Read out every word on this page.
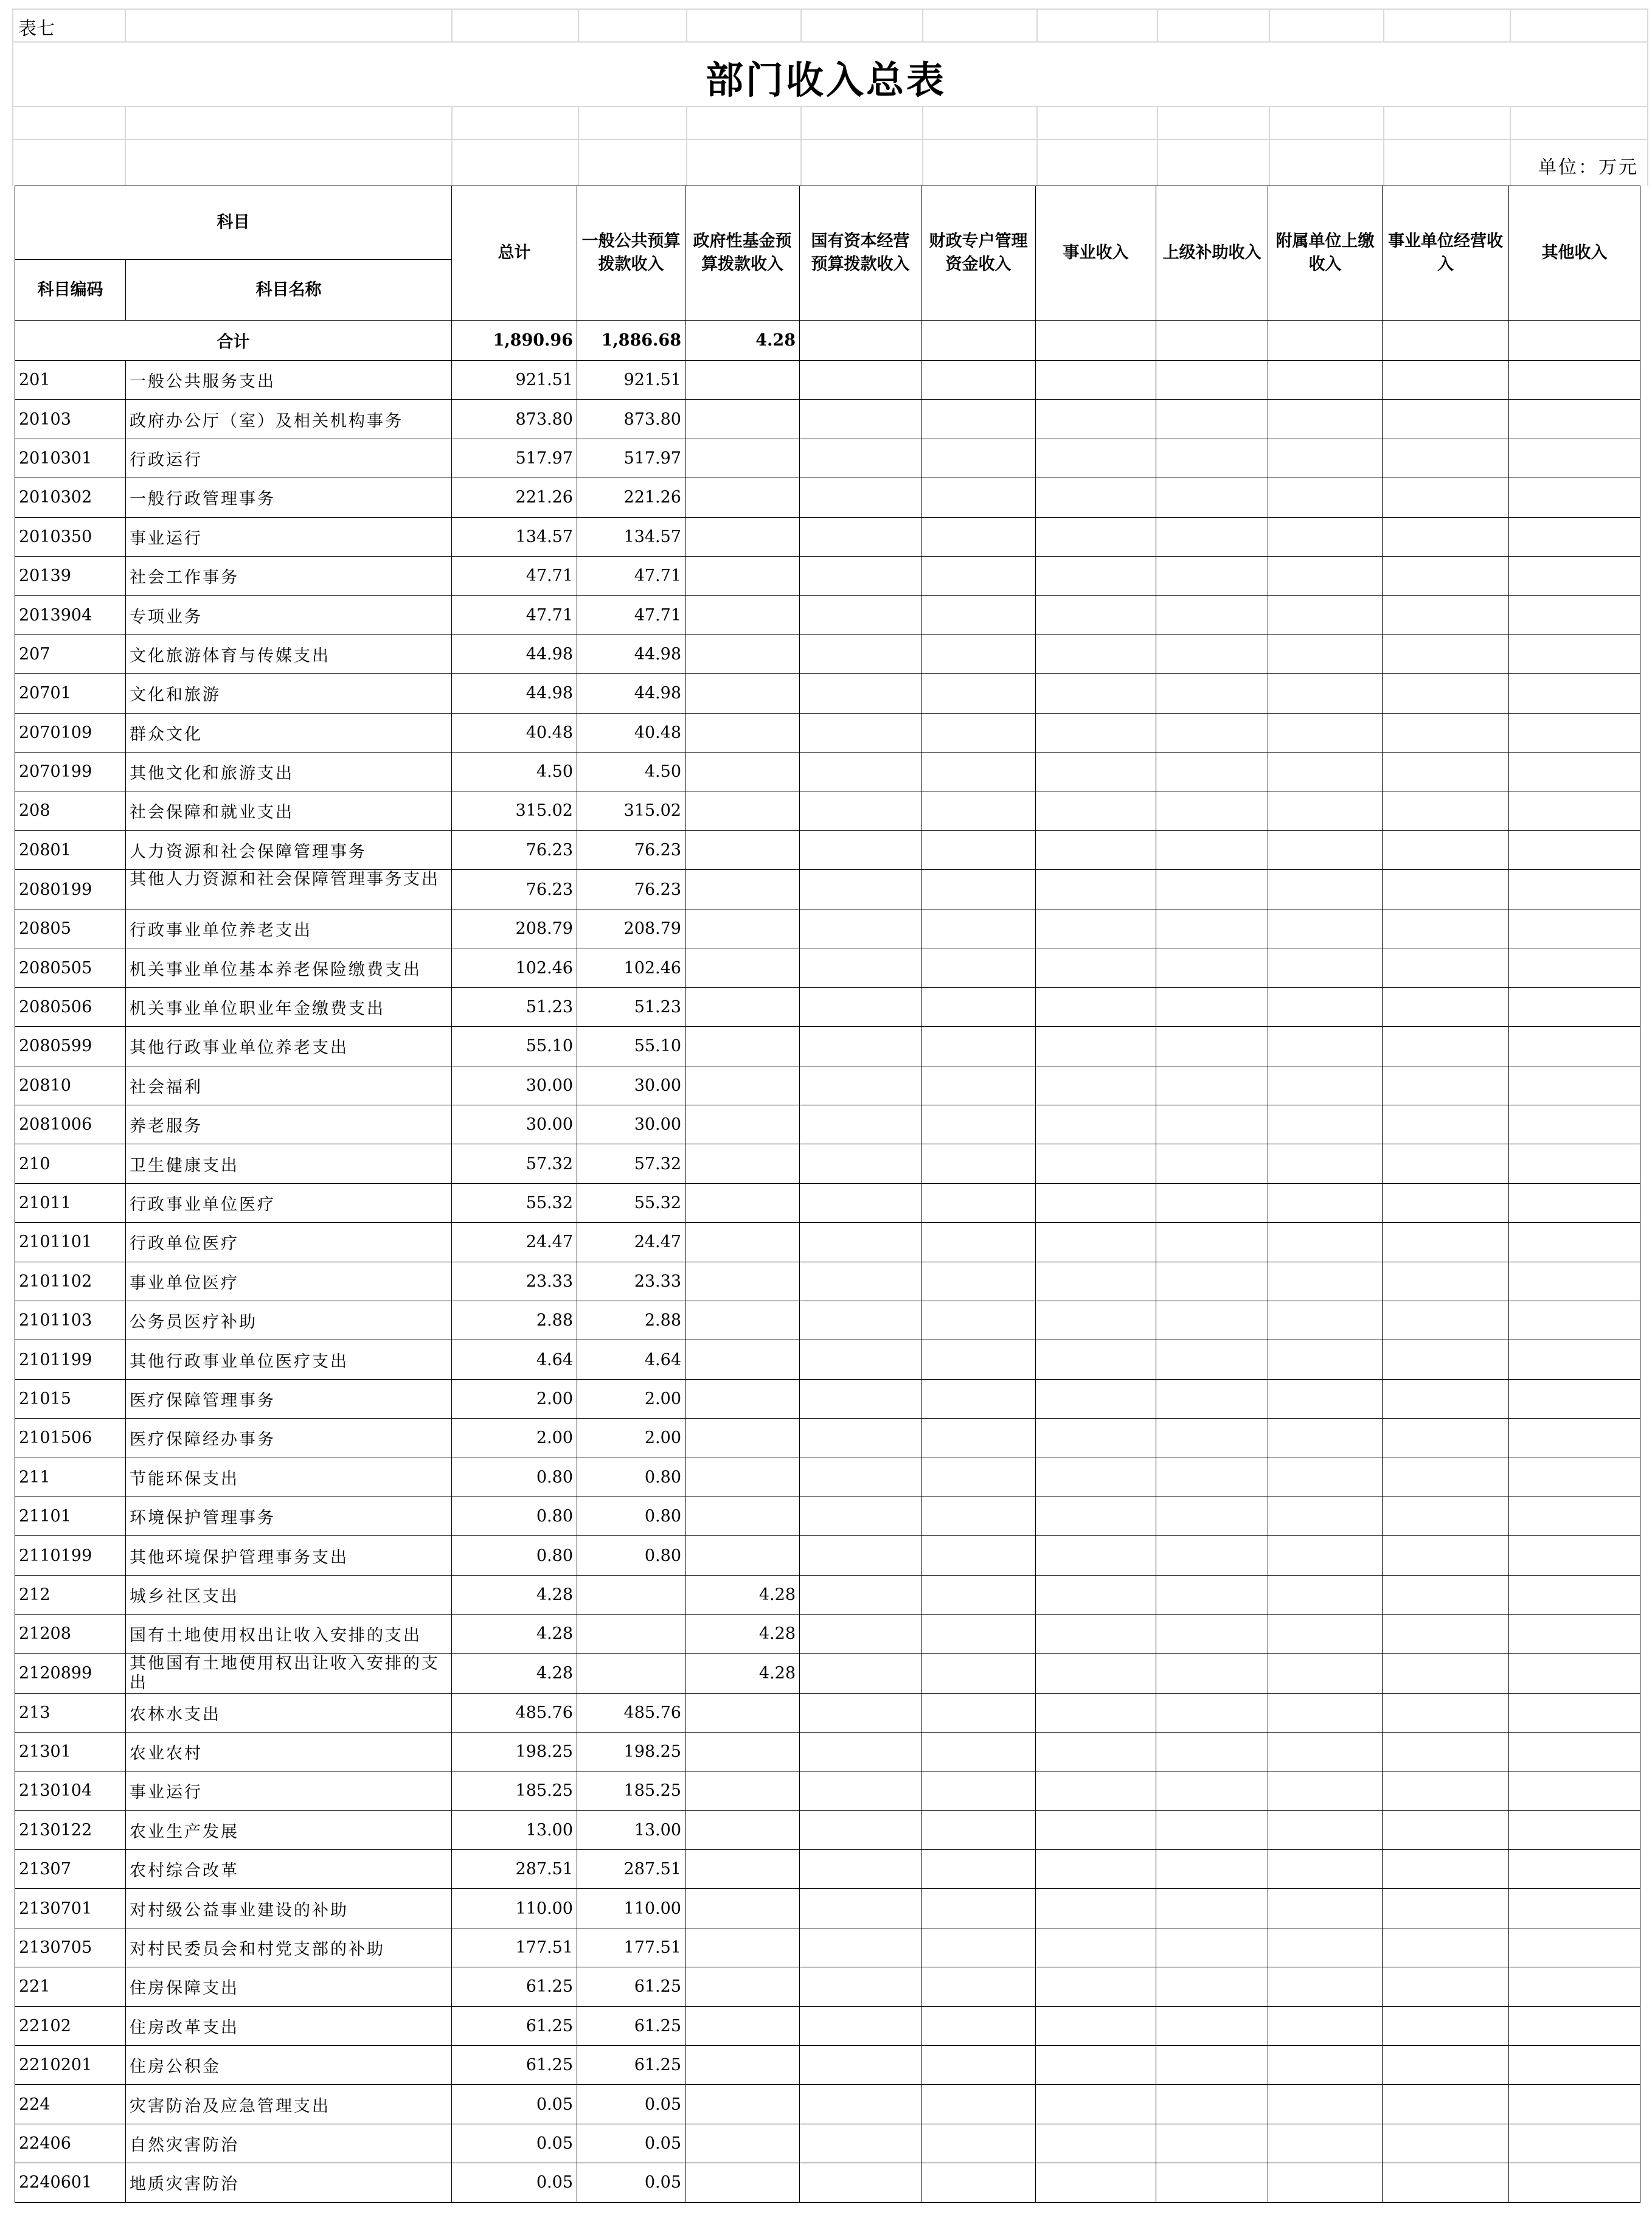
表七
部门收入总表
单位：万元
科目		总计	一般公共预算拨款收入	政府性基金预算拨款收入	国有资本经营预算拨款收入	财政专户管理资金收入	事业收入	上级补助收入	附属单位上缴收入	事业单位经营收入	其他收入
科目编码	科目名称										
合计		1,890.96	1,886.68	4.28							
201	一般公共服务支出	921.51	921.51								
20103	政府办公厅（室）及相关机构事务	873.80	873.80								
2010301	行政运行	517.97	517.97								
2010302	一般行政管理事务	221.26	221.26								
2010350	事业运行	134.57	134.57								
20139	社会工作事务	47.71	47.71								
2013904	专项业务	47.71	47.71								
207	文化旅游体育与传媒支出	44.98	44.98								
20701	文化和旅游	44.98	44.98								
2070109	群众文化	40.48	40.48								
2070199	其他文化和旅游支出	4.50	4.50								
208	社会保障和就业支出	315.02	315.02								
20801	人力资源和社会保障管理事务	76.23	76.23								
2080199	其他人力资源和社会保障管理事务支出	76.23	76.23								
20805	行政事业单位养老支出	208.79	208.79								
2080505	机关事业单位基本养老保险缴费支出	102.46	102.46								
2080506	机关事业单位职业年金缴费支出	51.23	51.23								
2080599	其他行政事业单位养老支出	55.10	55.10								
20810	社会福利	30.00	30.00								
2081006	养老服务	30.00	30.00								
210	卫生健康支出	57.32	57.32								
21011	行政事业单位医疗	55.32	55.32								
2101101	行政单位医疗	24.47	24.47								
2101102	事业单位医疗	23.33	23.33								
2101103	公务员医疗补助	2.88	2.88								
2101199	其他行政事业单位医疗支出	4.64	4.64								
21015	医疗保障管理事务	2.00	2.00								
2101506	医疗保障经办事务	2.00	2.00								
211	节能环保支出	0.80	0.80								
21101	环境保护管理事务	0.80	0.80								
2110199	其他环境保护管理事务支出	0.80	0.80								
212	城乡社区支出	4.28		4.28							
21208	国有土地使用权出让收入安排的支出	4.28		4.28							
2120899	其他国有土地使用权出让收入安排的支出	4.28		4.28							
213	农林水支出	485.76	485.76								
21301	农业农村	198.25	198.25								
2130104	事业运行	185.25	185.25								
2130122	农业生产发展	13.00	13.00								
21307	农村综合改革	287.51	287.51								
2130701	对村级公益事业建设的补助	110.00	110.00								
2130705	对村民委员会和村党支部的补助	177.51	177.51								
221	住房保障支出	61.25	61.25								
22102	住房改革支出	61.25	61.25								
2210201	住房公积金	61.25	61.25								
224	灾害防治及应急管理支出	0.05	0.05								
22406	自然灾害防治	0.05	0.05								
2240601	地质灾害防治	0.05	0.05								
